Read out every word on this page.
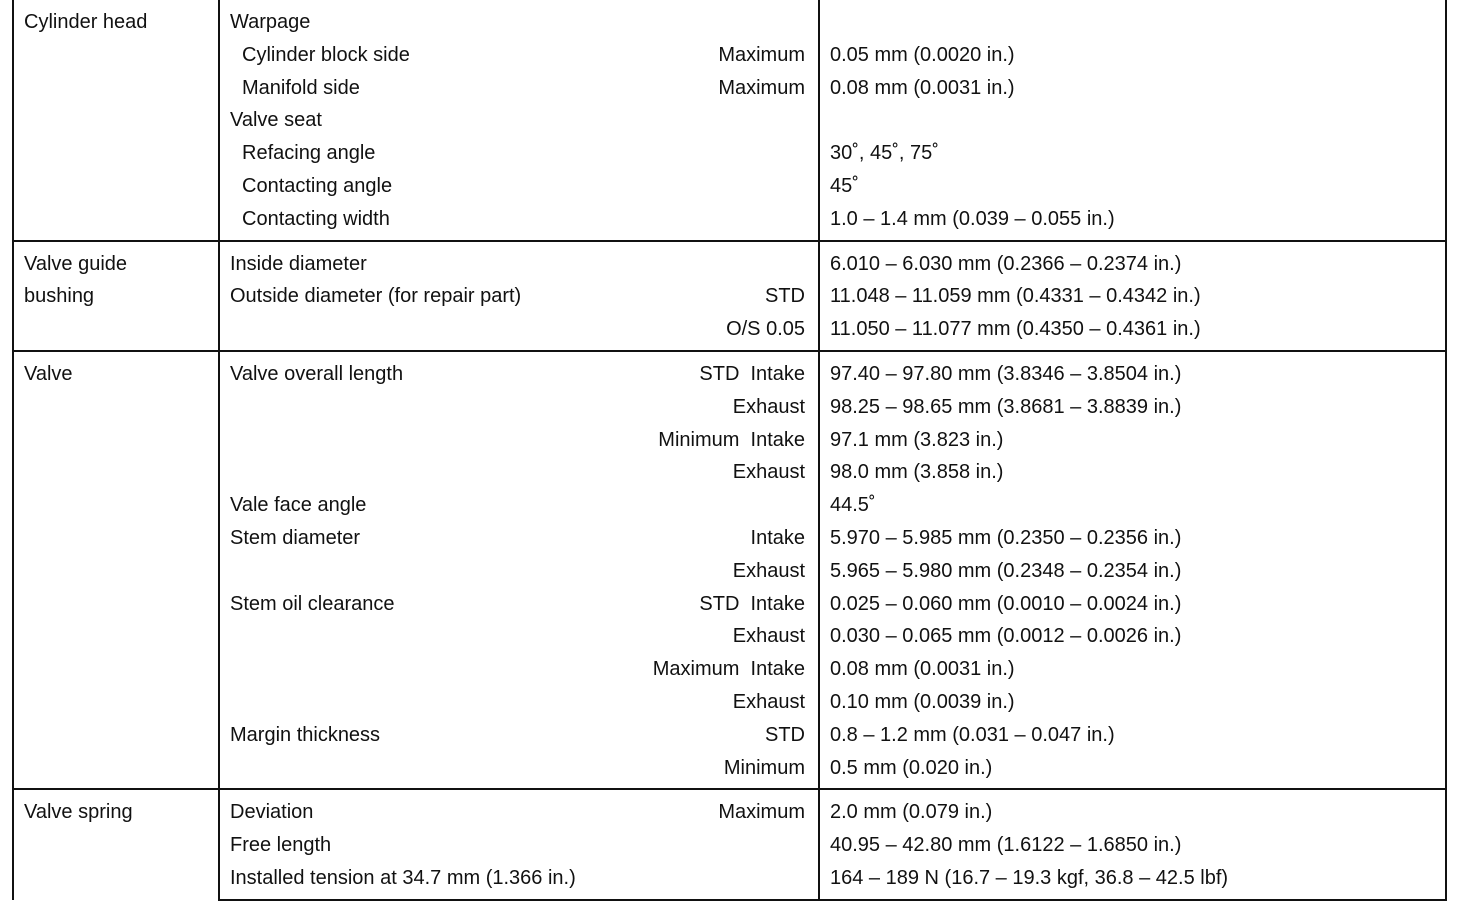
Cylinder head	Warpage	

	Cylinder block side Maximum	0.05 mm (0.0020 in.)

	Manifold side Maximum	0.08 mm (0.0031 in.)

	Valve seat	

	Refacing angle	30˚, 45˚, 75˚

	Contacting angle	45˚

	Contacting width	1.0 – 1.4 mm (0.039 – 0.055 in.)

Valve guide
bushing	Inside diameter	6.010 – 6.030 mm (0.2366 – 0.2374 in.)

	Outside diameter (for repair part) STD	11.048 – 11.059 mm (0.4331 – 0.4342 in.)

	O/S 0.05	11.050 – 11.077 mm (0.4350 – 0.4361 in.)
Valve	Valve overall length STD  Intake	97.40 – 97.80 mm (3.8346 – 3.8504 in.)

	Exhaust	98.25 – 98.65 mm (3.8681 – 3.8839 in.)

	Minimum  Intake	97.1 mm (3.823 in.)

	Exhaust	98.0 mm (3.858 in.)

	Vale face angle	44.5˚

	Stem diameter Intake	5.970 – 5.985 mm (0.2350 – 0.2356 in.)

	Exhaust	5.965 – 5.980 mm (0.2348 – 0.2354 in.)

	Stem oil clearance STD  Intake	0.025 – 0.060 mm (0.0010 – 0.0024 in.)

	Exhaust	0.030 – 0.065 mm (0.0012 – 0.0026 in.)

	Maximum  Intake	0.08 mm (0.0031 in.)

	Exhaust	0.10 mm (0.0039 in.)

	Margin thickness STD	0.8 – 1.2 mm (0.031 – 0.047 in.)

	Minimum	0.5 mm (0.020 in.)
Valve spring	Deviation Maximum	2.0 mm (0.079 in.)

	Free length	40.95 – 42.80 mm (1.6122 – 1.6850 in.)

	Installed tension at 34.7 mm (1.366 in.)	164 – 189 N (16.7 – 19.3 kgf, 36.8 – 42.5 lbf)
